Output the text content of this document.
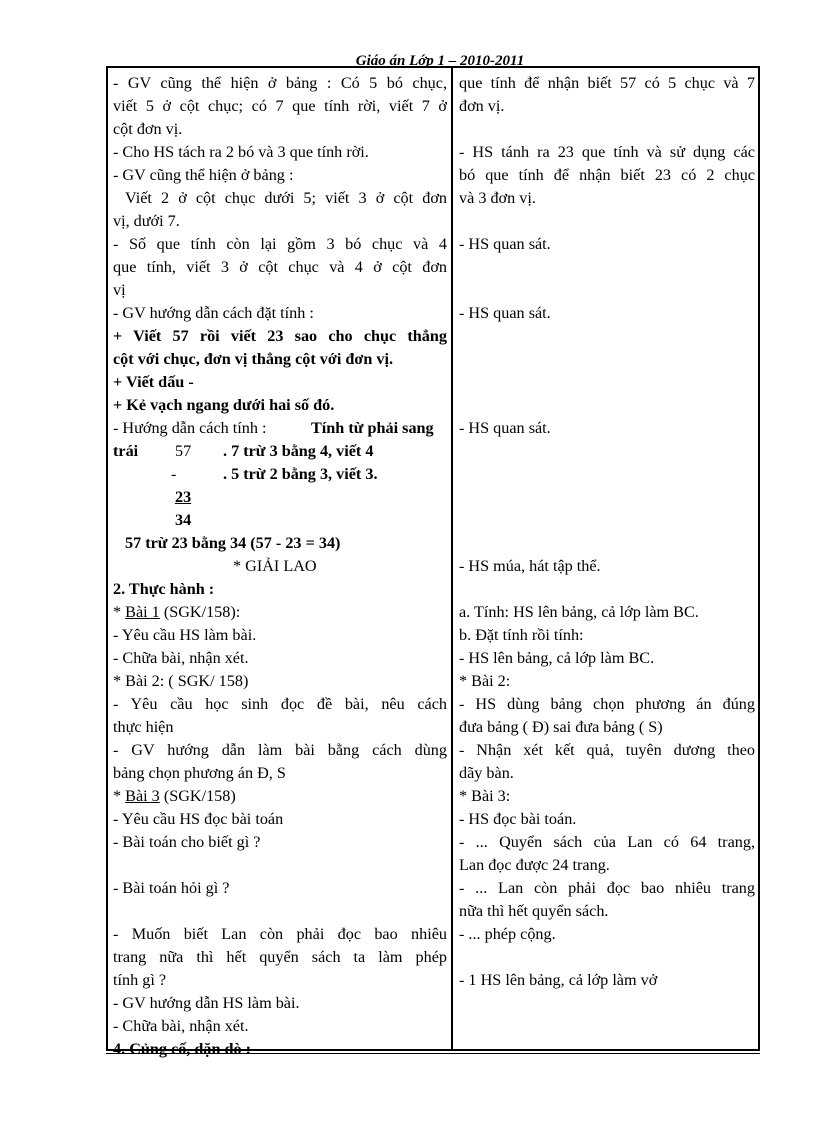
Giáo án Lớp 1 – 2010-2011
- GV cũng thể hiện ở bảng : Có 5 bó chục,
viết 5 ở cột chục; có 7 que tính rời, viết 7 ở
cột đơn vị.
- Cho HS tách ra 2 bó và 3 que tính rời.
- GV cũng thể hiện ở bảng :
Viết 2 ở cột chục dưới 5; viết 3 ở cột đơn
vị, dưới 7.
- Số que tính còn lại gồm 3 bó chục và 4
que tính, viết 3 ở cột chục và 4 ở cột đơn
vị
- GV hướng dẫn cách đặt tính :
+ Viết 57 rồi viết 23 sao cho chục thẳng
cột với chục, đơn vị thẳng cột với đơn vị.
+ Viết dấu -
+ Kẻ vạch ngang dưới hai số đó.
- Hướng dẫn cách tính :	Tính từ phải sang
trái 57 . 7 trừ 3 bằng 4, viết 4
-	. 5 trừ 2 bằng 3, viết 3.
23
34
57 trừ 23 bằng 34 (57 - 23 = 34)
* GIẢI LAO
2. Thực hành :
* Bài 1 (SGK/158):
- Yêu cầu HS làm bài.
- Chữa bài, nhận xét.
* Bài 2: ( SGK/ 158)
- Yêu cầu học sinh đọc đề bài, nêu cách
thực hiện
- GV hướng dẫn làm bài bằng cách dùng
bảng chọn phương án Đ, S
* Bài 3 (SGK/158)
- Yêu cầu HS đọc bài toán
- Bài toán cho biết gì ?
- Bài toán hỏi gì ?
- Muốn biết Lan còn phải đọc bao nhiêu
trang nữa thì hết quyển sách ta làm phép
tính gì ?
- GV hướng dẫn HS làm bài.
- Chữa bài, nhận xét.
4. Củng cố, dặn dò :
que tính để nhận biết 57 có 5 chục và 7
đơn vị.
- HS tánh ra 23 que tính và sử dụng các
bó que tính để nhận biết 23 có 2 chục
và 3 đơn vị.
- HS quan sát.
- HS quan sát.
- HS quan sát.
- HS múa, hát tập thể.
a. Tính: HS lên bảng, cả lớp làm BC.
b. Đặt tính rồi tính:
- HS lên bảng, cả lớp làm BC.
* Bài 2:
- HS dùng bảng chọn phương án đúng
đưa bảng ( Đ) sai đưa bảng ( S)
- Nhận xét kết quả, tuyên dương theo
dãy bàn.
* Bài 3:
- HS đọc bài toán.
- ... Quyển sách của Lan có 64 trang,
Lan đọc được 24 trang.
- ... Lan còn phải đọc bao nhiêu trang
nữa thì hết quyển sách.
- ... phép cộng.
- 1 HS lên bảng, cả lớp làm vở
